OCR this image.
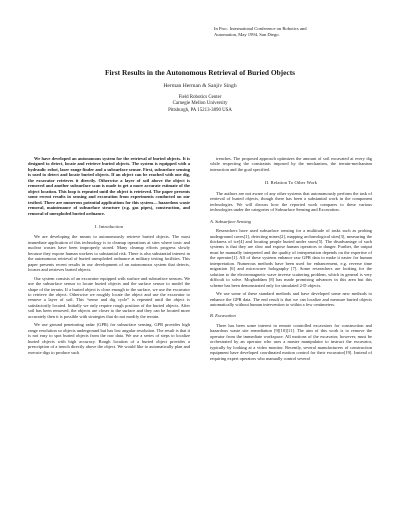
In Proc. International Conference on Robotics and
Automation, May 1994, San Diego.
First Results in the Autonomous Retrieval of Buried Objects
Herman Herman & Sanjiv Singh
Field Robotics Center
Carnegie Mellon University
Pittsburgh, PA 15213-3890 USA

We have developed an autonomous system for the retrieval of buried objects. It is designed to detect, locate and retrieve buried objects. The system is equipped with a hydraulic robot, laser range finder and a subsurface sensor. First, subsurface sensing is used to detect and locate buried objects. If an object can be reached with one dig, the excavator retrieves it directly. Otherwise a layer of soil above the object is removed and another subsurface scan is made to get a more accurate estimate of the object location. This loop is repeated until the object is retrieved. The paper presents some recent results in sensing and excavation from experiments conducted on our testbed. There are numerous potential applications for this system— hazardous waste removal, maintenance of subsurface structure (e.g. gas pipes), construction, and removal of unexploded buried ordnance.

I. Introduction

We are developing the means to autonomously retrieve buried objects. The most immediate application of this technology is to cleanup operations at sites where toxic and nuclear wastes have been improperly stored. Many cleanup efforts progress slowly because they expose human workers to substantial risk. There is also substantial interest in the autonomous retrieval of buried unexploded ordnance at military testing facilities. This paper presents recent results in our development of an autonomous system that detects, locates and retrieves buried objects.

Our system consists of an excavator equipped with surface and subsurface sensors. We use the subsurface sensor to locate buried objects and the surface sensor to model the shape of the terrain. If a buried object is close enough to the surface, we use the excavator to retrieve the object. Otherwise we roughly locate the object and use the excavator to remove a layer of soil. This “sense and dig cycle” is repeated until the object is satisfactorily located. Initially we only require rough position of the buried objects. After soil has been removed, the objects are closer to the surface and they can be located more accurately then it is possible with strategies that do not modify the terrain.

We use ground penetrating radar (GPR) for subsurface sensing. GPR provides high range resolution so objects underground but has low angular resolution. The result is that it is not easy to spot buried objects from the raw data. We use a series of steps to localize buried objects with high accuracy. Rough location of a buried object provides a prescription of a trench directly above the object. We would like to automatically plan and execute digs to produce such

trenches. The proposed approach optimizes the amount of soil excavated at every dig while respecting the constraints imposed by the mechanism, the terrain-mechanism interaction and the goal specified.

II. Relation To Other Work

The authors are not aware of any other systems that autonomously perform the task of retrieval of buried objects, though there has been a substantial work in the component technologies. We will discuss how the reported work compares to these various technologies under the categories of Subsurface Sensing and Excavation.

A. Subsurface Sensing

Researchers have used subsurface sensing for a multitude of tasks such as probing underground caves[1], detecting mines[2], mapping archaeological sites[3], measuring the thickness of ice[4] and locating people buried under snow[5]. The disadvantage of such systems is that they are slow and expose human operators to danger. Further, the output must be manually interpreted and the quality of interpretation depends on the expertise of the operator[1]. All of these systems enhance raw GPR data to make it easier for human interpretation. Numerous methods have been used for enhancement, e.g. reverse time migration [6] and microwave holography [7]. Some researchers are looking for the solution to the electromagnetic wave inverse scattering problem, which in general is very difficult to solve. Moghaddam [8] has made promising advances in this area but this scheme has been demonstrated only for simulated 2-D objects.

We use some of these standard methods and have developed some new methods to enhance the GPR data. The end result is that we can localize and measure buried objects automatically without human intervention to within a few centimeters.

B. Excavation

There has been some interest in remote controlled excavators for construction and hazardous waste site remediation [9][10][11]. The aim of this work is to remove the operator from the immediate workspace. All motions of the excavator, however, must be orchestrated by an operator who uses a master manipulator to instruct the excavator, typically by looking at a video monitor. Recently, several manufacturers of construction equipment have developed coordinated motion control for their excavator[19]. Instead of requiring expert operators who manually control several
